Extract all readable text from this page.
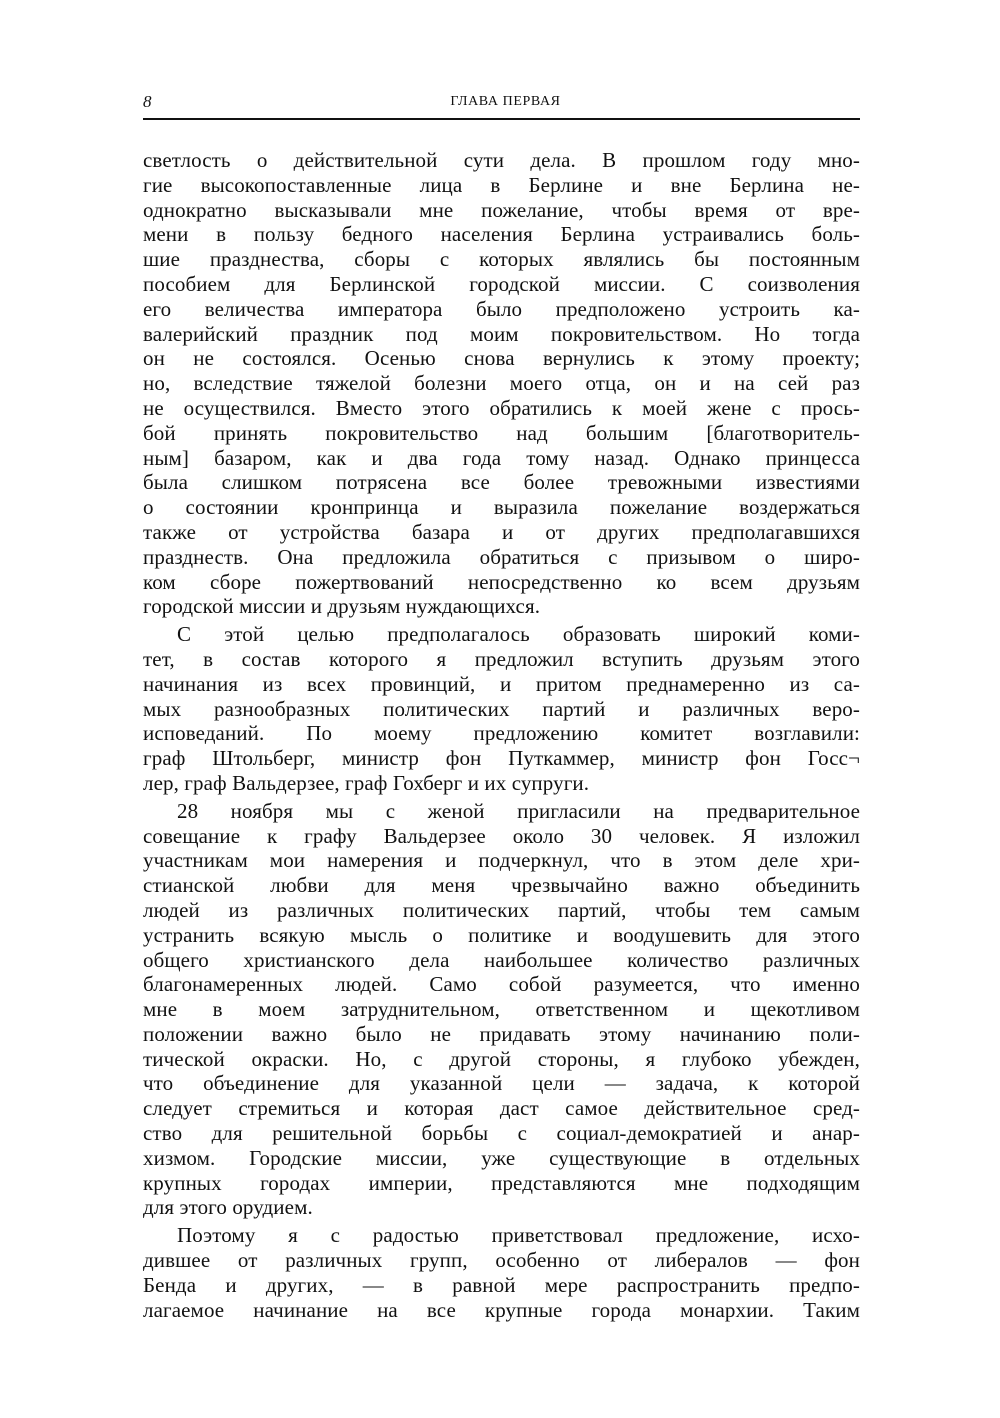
8	ГЛАВА ПЕРВАЯ
светлость о действительной сути дела. В прошлом году мно-
гие высокопоставленные лица в Берлине и вне Берлина не-
однократно высказывали мне пожелание, чтобы время от вре-
мени в пользу бедного населения Берлина устраивались боль-
шие празднества, сборы с которых являлись бы постоянным
пособием для Берлинской городской миссии. С соизволения
его величества императора было предположено устроить ка-
валерийский праздник под моим покровительством. Но тогда
он не состоялся. Осенью снова вернулись к этому проекту;
но, вследствие тяжелой болезни моего отца, он и на сей раз
не осуществился. Вместо этого обратились к моей жене с прось-
бой принять покровительство над большим [благотворитель-
ным] базаром, как и два года тому назад. Однако принцесса
была слишком потрясена все более тревожными известиями
о состоянии кронпринца и выразила пожелание воздержаться
также от устройства базара и от других предполагавшихся
празднеств. Она предложила обратиться с призывом о широ-
ком сборе пожертвований непосредственно ко всем друзьям
городской миссии и друзьям нуждающихся.
С этой целью предполагалось образовать широкий коми-
тет, в состав которого я предложил вступить друзьям этого
начинания из всех провинций, и притом преднамеренно из са-
мых разнообразных политических партий и различных веро-
исповеданий. По моему предложению комитет возглавили:
граф Штольберг, министр фон Путкаммер, министр фон Госс¬
лер, граф Вальдерзее, граф Гохберг и их супруги.
28 ноября мы с женой пригласили на предварительное
совещание к графу Вальдерзее около 30 человек. Я изложил
участникам мои намерения и подчеркнул, что в этом деле хри-
стианской любви для меня чрезвычайно важно объединить
людей из различных политических партий, чтобы тем самым
устранить всякую мысль о политике и воодушевить для этого
общего христианского дела наибольшее количество различных
благонамеренных людей. Само собой разумеется, что именно
мне в моем затруднительном, ответственном и щекотливом
положении важно было не придавать этому начинанию поли-
тической окраски. Но, с другой стороны, я глубоко убежден,
что объединение для указанной цели — задача, к которой
следует стремиться и которая даст самое действительное сред-
ство для решительной борьбы с социал-демократией и анар-
хизмом. Городские миссии, уже существующие в отдельных
крупных городах империи, представляются мне подходящим
для этого орудием.
Поэтому я с радостью приветствовал предложение, исхо-
дившее от различных групп, особенно от либералов — фон
Бенда и других, — в равной мере распространить предпо-
лагаемое начинание на все крупные города монархии. Таким
